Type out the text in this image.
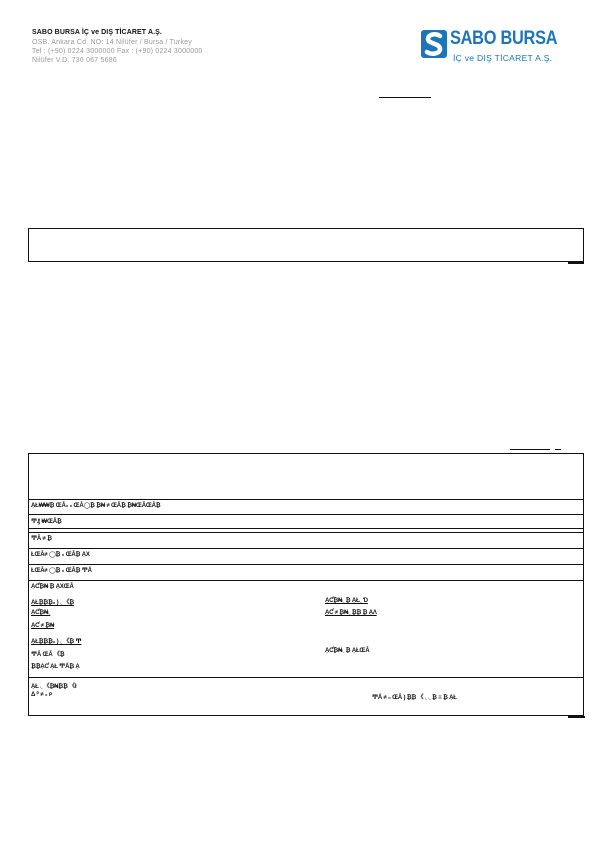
SABO BURSA İÇ ve DIŞ TİCARET A.Ş.
OSB. Ankara Cd. NO: 14 Nilüfer / Bursa / Turkey
Tel : (+90) 0224 3000000 Fax : (+90) 0224 3000000
Nilüfer V.D. 736 067 5686
SABO BURSA
İÇ ve DIŞ TİCARET A.Ş.
ẠŁ₩₩₿ ŒĀ₀ ₀ ŒĀ◯₿ ₿₦ ≠ ŒĀ₿ ₿₦ŒĀŒĀ₿
Ͳ₰ ₩ŒĀ₿
ͲĀ ≠ ₿
ŁŒĀ≠ ◯₿ ₀ ŒĀ₿ ẠΧ
ŁŒĀ≠ ◯₿ ₀ ŒĀ₿ ͲẤ
ẠƇ₿₦ ₿ ẠΧŒĀ
ẠŁ₿₿₿₀ ) ◟ 《₿
ẠƇ₿₦◟
ẠƇ ≠ ₿₦
ẠŁ₿₿₿₀ ) ◟ 《₿ Ͳ
ͲĀ ŒĀ 《₿
₿₿ẠƇ ẠŁ ͲẤ₿ Ạ
ẠƇ₿₦◟ ₿ ẠŁ◟ Ɗ
ẠƇ ≠ ₿₦◟ ₿₿ ₿ ẠΛ
ẠƇ₿₦◟ ₿ ẠŁŒĀ
ẠŁ ◟ 《₿₦₿₿ 《Ɨ
Δ ᴾ ≠ ₀ ᴘ	ͲẤ ≠ ₀ ŒĀ ) ₿₿ 《 ◟ ◟ ₿ ≡ ₿ ẠŁ
